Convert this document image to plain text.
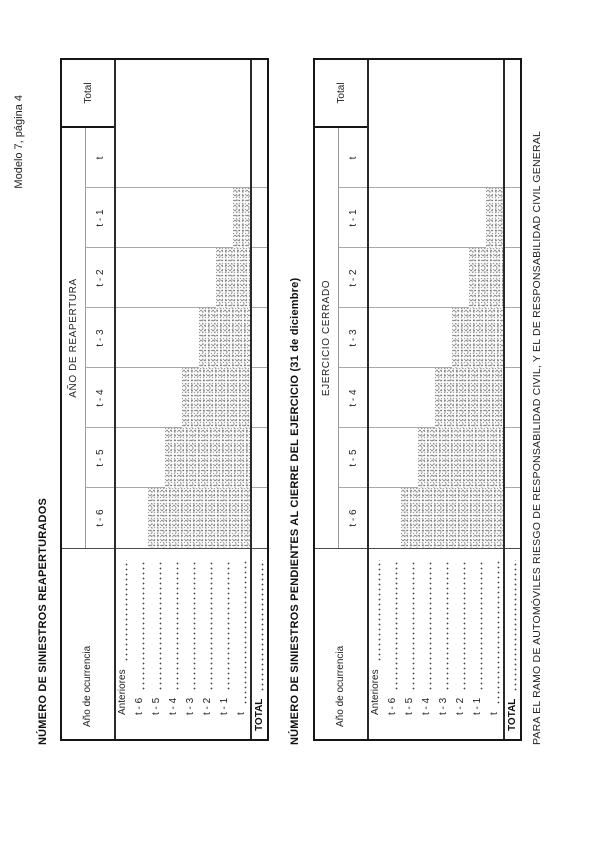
Modelo 7, página 4
NÚMERO DE SINIESTROS REAPERTURADOS	Año de ocurrencia
AÑO DE REAPERTURA
Total
t - 6
t - 5
t - 4
t - 3
t - 2
t - 1
t
Anteriores t - 6 t - 5 t - 4 t - 3 t - 2 t - 1 t TOTAL NÚMERO DE SINIESTROS PENDIENTES AL CIERRE DEL EJERCICIO (31 de diciembre)	Año de ocurrencia
EJERCICIO CERRADO
Total
t - 6
t - 5
t - 4
t - 3
t - 2
t - 1
t
Anteriores t - 6 t - 5 t - 4 t - 3 t - 2 t - 1 t TOTAL PARA EL RAMO DE AUTOMÓVILES RIESGO DE RESPONSABILIDAD CIVIL, Y EL DE RESPONSABILIDAD CIVIL GENERAL
